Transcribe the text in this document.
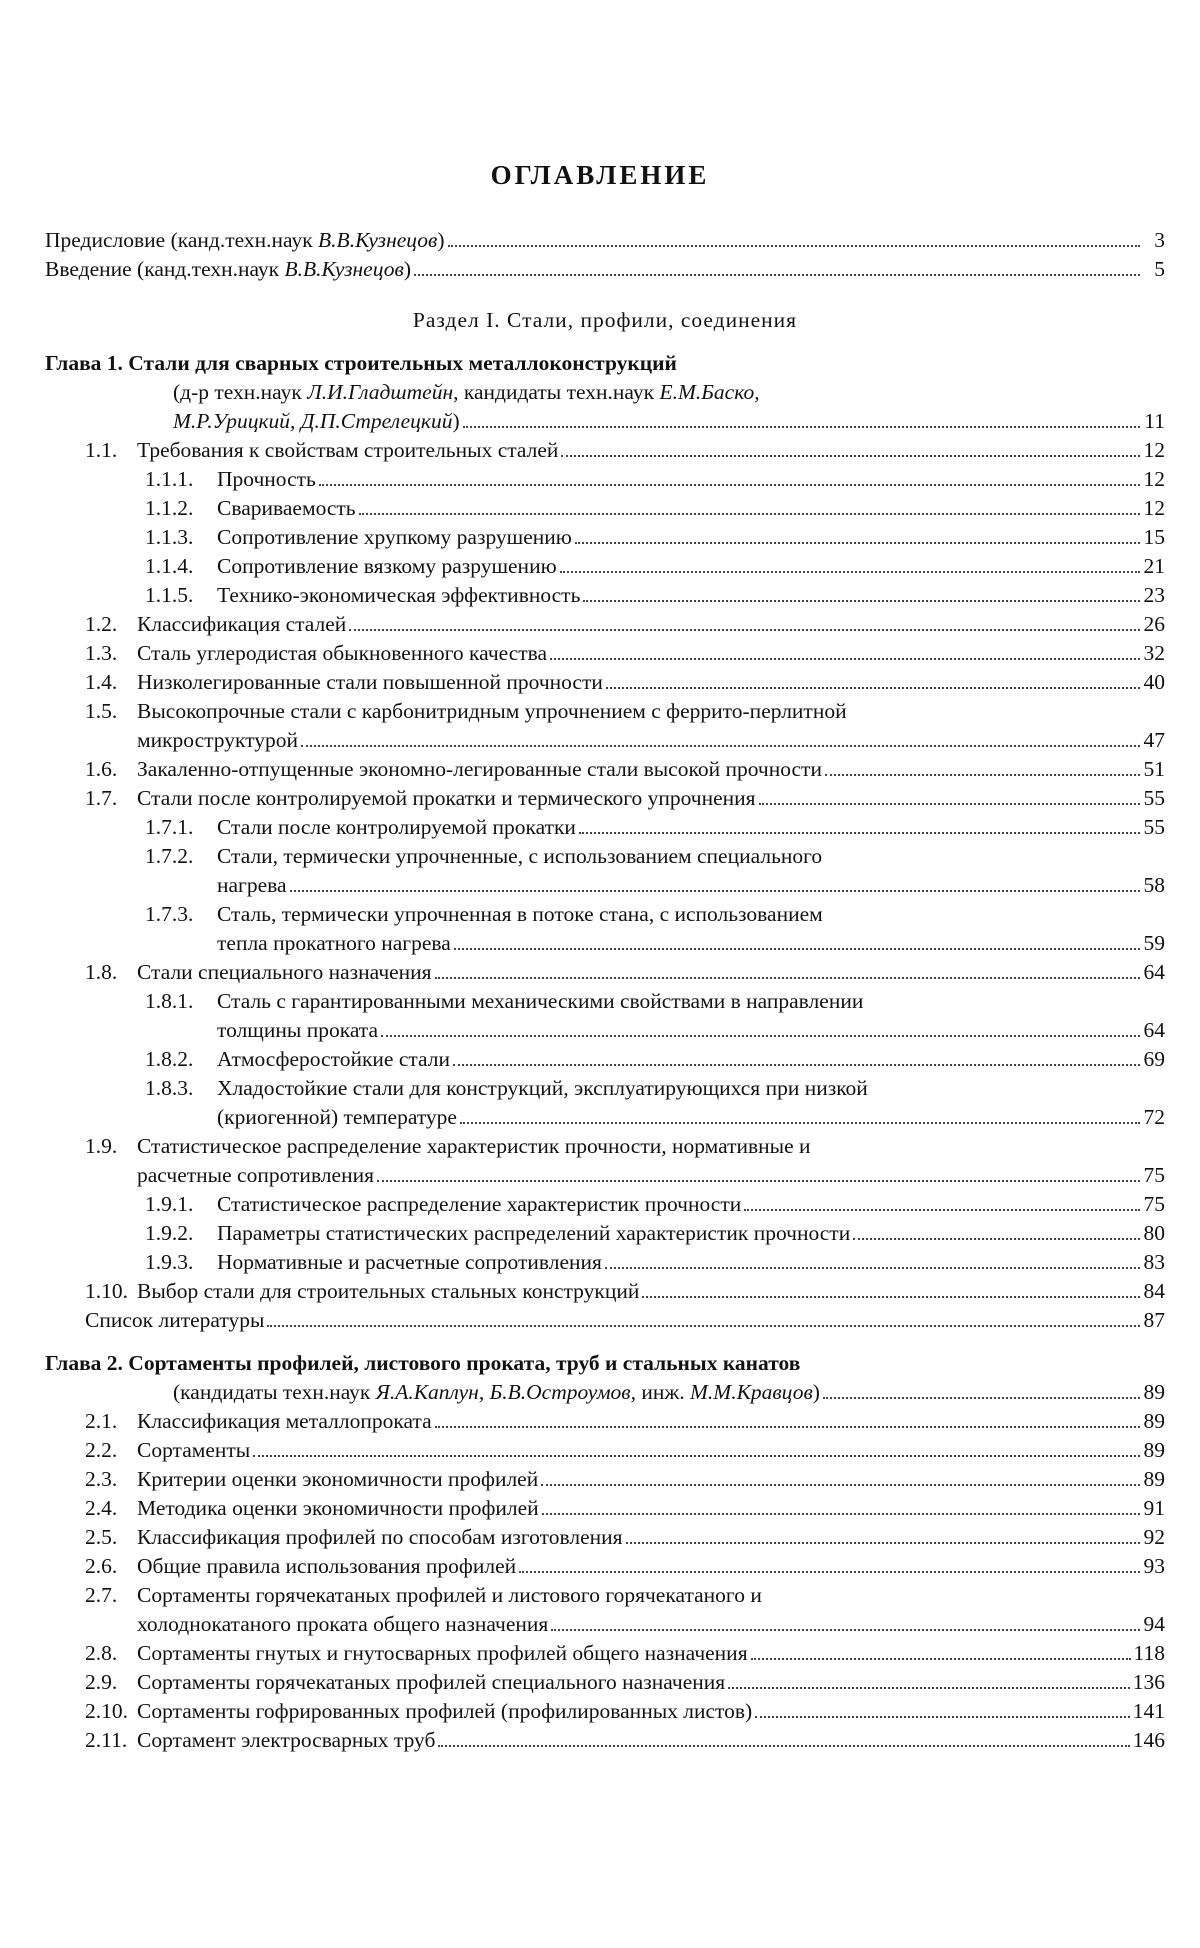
ОГЛАВЛЕНИЕ
Предисловие (канд.техн.наук В.В.Кузнецов)	3
Введение (канд.техн.наук В.В.Кузнецов)	5
Раздел I. Стали, профили, соединения
Глава 1. Стали для сварных строительных металлоконструкций
(д-р техн.наук Л.И.Гладштейн, кандидаты техн.наук Е.М.Баско,
М.Р.Урицкий, Д.П.Стрелецкий)	11
1.1. Требования к свойствам строительных сталей	12
1.1.1. Прочность	12
1.1.2. Свариваемость	12
1.1.3. Сопротивление хрупкому разрушению	15
1.1.4. Сопротивление вязкому разрушению	21
1.1.5. Технико-экономическая эффективность	23
1.2. Классификация сталей	26
1.3. Сталь углеродистая обыкновенного качества	32
1.4. Низколегированные стали повышенной прочности	40
1.5. Высокопрочные стали с карбонитридным упрочнением с феррито-перлитной
микроструктурой	47
1.6. Закаленно-отпущенные экономно-легированные стали высокой прочности	51
1.7. Стали после контролируемой прокатки и термического упрочнения	55
1.7.1. Стали после контролируемой прокатки	55
1.7.2. Стали, термически упрочненные, с использованием специального
нагрева	58
1.7.3. Сталь, термически упрочненная в потоке стана, с использованием
тепла прокатного нагрева	59
1.8. Стали специального назначения	64
1.8.1. Сталь с гарантированными механическими свойствами в направлении
толщины проката	64
1.8.2. Атмосферостойкие стали	69
1.8.3. Хладостойкие стали для конструкций, эксплуатирующихся при низкой
(криогенной) температуре	72
1.9. Статистическое распределение характеристик прочности, нормативные и
расчетные сопротивления	75
1.9.1. Статистическое распределение характеристик прочности	75
1.9.2. Параметры статистических распределений характеристик прочности	80
1.9.3. Нормативные и расчетные сопротивления	83
1.10. Выбор стали для строительных стальных конструкций	84
Список литературы	87
Глава 2. Сортаменты профилей, листового проката, труб и стальных канатов
(кандидаты техн.наук Я.А.Каплун, Б.В.Остроумов, инж. М.М.Кравцов)	89
2.1. Классификация металлопроката	89
2.2. Сортаменты	89
2.3. Критерии оценки экономичности профилей	89
2.4. Методика оценки экономичности профилей	91
2.5. Классификация профилей по способам изготовления	92
2.6. Общие правила использования профилей	93
2.7. Сортаменты горячекатаных профилей и листового горячекатаного и
холоднокатаного проката общего назначения	94
2.8. Сортаменты гнутых и гнутосварных профилей общего назначения	118
2.9. Сортаменты горячекатаных профилей специального назначения	136
2.10. Сортаменты гофрированных профилей (профилированных листов)	141
2.11. Сортамент электросварных труб	146
